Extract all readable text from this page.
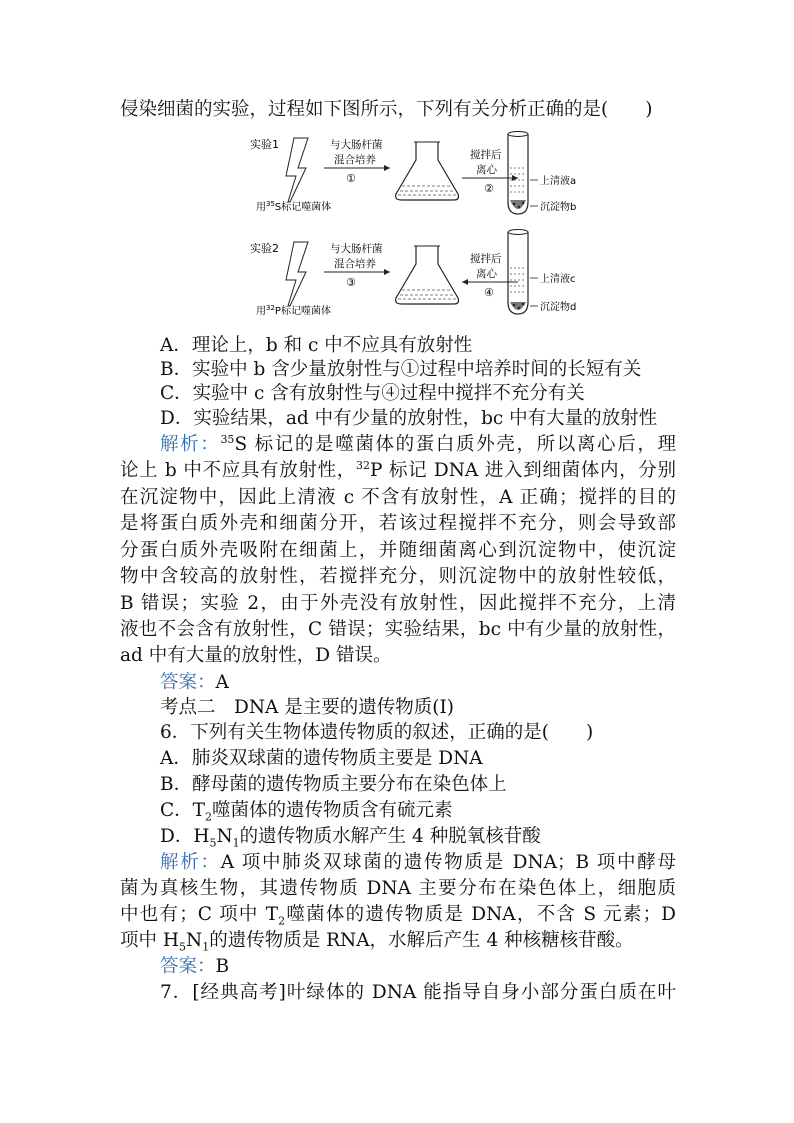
侵染细菌的实验，过程如下图所示，下列有关分析正确的是(　　)
实验1
用$^{35}$S标记噬菌体
与大肠杆菌
混合培养
①
搅拌后
离心
②
上清液a
沉淀物b
实验2
用$^{32}$P标记噬菌体
与大肠杆菌
混合培养
③
搅拌后
离心
④
上清液c
沉淀物d
A．理论上，b 和 c 中不应具有放射性
B．实验中 b 含少量放射性与①过程中培养时间的长短有关
C．实验中 c 含有放射性与④过程中搅拌不充分有关
D．实验结果，ad 中有少量的放射性，bc 中有大量的放射性
解析：$^{35}$S 标记的是噬菌体的蛋白质外壳，所以离心后，理
论上 b 中不应具有放射性，$^{32}$P 标记 DNA 进入到细菌体内，分别
在沉淀物中，因此上清液 c 不含有放射性，A 正确；搅拌的目的
是将蛋白质外壳和细菌分开，若该过程搅拌不充分，则会导致部
分蛋白质外壳吸附在细菌上，并随细菌离心到沉淀物中，使沉淀
物中含较高的放射性，若搅拌充分，则沉淀物中的放射性较低，
B 错误；实验 2，由于外壳没有放射性，因此搅拌不充分，上清
液也不会含有放射性，C 错误；实验结果，bc 中有少量的放射性，
ad 中有大量的放射性，D 错误。
答案：A
考点二　DNA 是主要的遗传物质(Ⅰ)
6．下列有关生物体遗传物质的叙述，正确的是(　　)
A．肺炎双球菌的遗传物质主要是 DNA
B．酵母菌的遗传物质主要分布在染色体上
C．$T_2$噬菌体的遗传物质含有硫元素
D．$H_5N_1$的遗传物质水解产生 4 种脱氧核苷酸
解析：A 项中肺炎双球菌的遗传物质是 DNA；B 项中酵母
菌为真核生物，其遗传物质 DNA 主要分布在染色体上，细胞质
中也有；C 项中 $T_2$噬菌体的遗传物质是 DNA，不含 S 元素；D
项中 $H_5N_1$的遗传物质是 RNA，水解后产生 4 种核糖核苷酸。
答案：B
7．[经典高考]叶绿体的 DNA 能指导自身小部分蛋白质在叶
